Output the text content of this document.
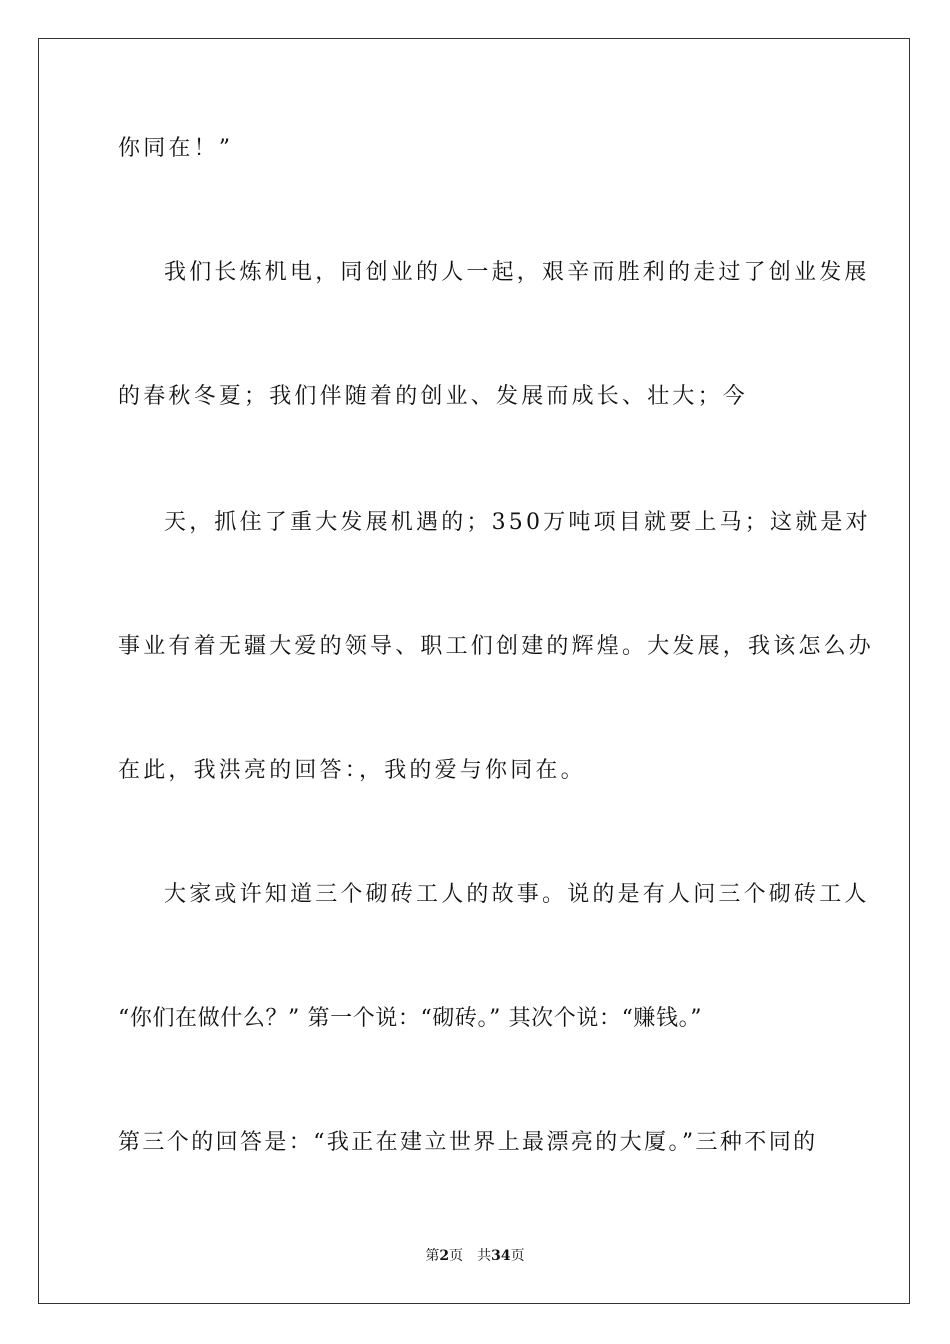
你同在！”
我们长炼机电，同创业的人一起，艰辛而胜利的走过了创业发展
的春秋冬夏；我们伴随着的创业、发展而成长、壮大；今
天，抓住了重大发展机遇的；350万吨项目就要上马；这就是对
事业有着无疆大爱的领导、职工们创建的辉煌。大发展，我该怎么办
在此，我洪亮的回答：，我的爱与你同在。
大家或许知道三个砌砖工人的故事。说的是有人问三个砌砖工人
“你们在做什么？” 第一个说：“砌砖。” 其次个说：“赚钱。”
第三个的回答是：“我正在建立世界上最漂亮的大厦。”三种不同的
第2页 共34页
